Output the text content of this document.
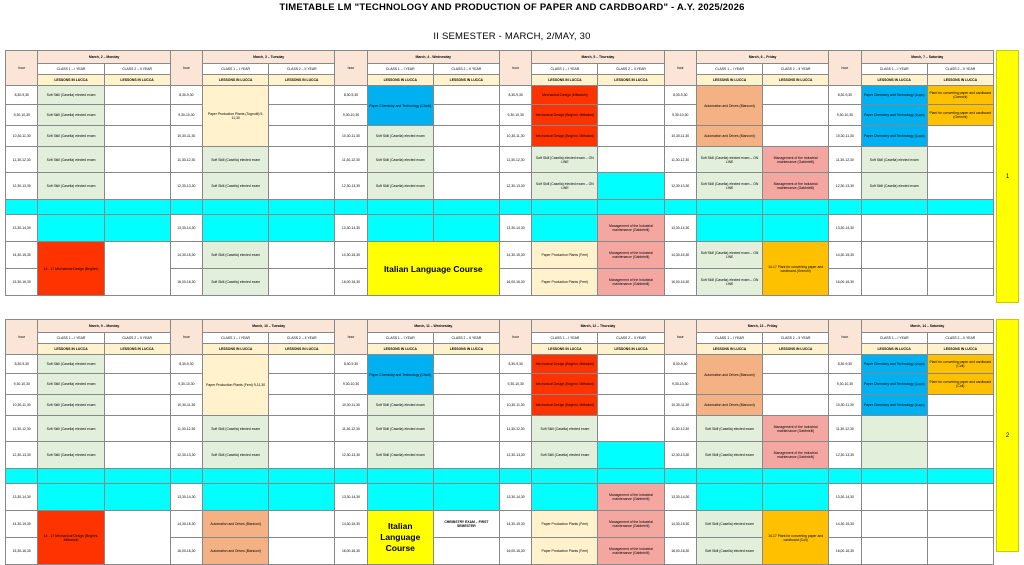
TIMETABLE LM "TECHNOLOGY AND PRODUCTION OF PAPER AND CARDBOARD" - A.Y. 2025/2026
II SEMESTER - MARCH, 2/MAY, 30
hour	March, 2 – Monday		hour	March, 3 – Tuesday		hour	March, 4 - Wednesday		hour	March, 5 – Thursday		hour	March, 6 – Friday		hour	March, 7 – Saturday	
	CLASS 1 – I YEAR	CLASS 2 – II YEAR		CLASS 1 – I YEAR	CLASS 2 – II YEAR		CLASS 1 – I YEAR	CLASS 2 – II YEAR		CLASS 1 – I YEAR	CLASS 2 – II YEAR		CLASS 1 – I YEAR	CLASS 2 – II YEAR		CLASS 1 – I YEAR	CLASS 2 – II YEAR
	LESSONS IN LUCCA	LESSONS IN LUCCA		LESSONS IN LUCCA	LESSONS IN LUCCA		LESSONS IN LUCCA	LESSONS IN LUCCA		LESSONS IN LUCCA	LESSONS IN LUCCA		LESSONS IN LUCCA	LESSONS IN LUCCA		LESSONS IN LUCCA	LESSONS IN LUCCA
8,30-9,30	Soft Skill (Casella) elected exam		8,30-9,30	Paper Production Plants (Tognotti) 9-11,30		8,30-9,30	Paper Chemistry and Technology (Chiofi)		8,30-9,30	Mechanical Design (Mitbaloni)		8,30-9,30	Automation and Drives (Bianconi)		8,30-9,30	Paper Chemistry and Technology (Lupo)	Plant for converting paper and cardboard (Grenchi)
9,30-10,30	Soft Skill (Casella) elected exam		9,30-10,30			9,30-10,30			9,30-10,30	Mechanical Design (Beghini, Mitbaloni)		9,30-10,30			9,30-10,30	Paper Chemistry and Technology (Lupo)	Plant for converting paper and cardboard (Grenchi)
10,30-11,30	Soft Skill (Casella) elected exam		10,30-11,30			10,30-11,30	Soft Skill (Casella) elected exam		10,30-11,30	Mechanical Design (Beghini, Mitbaloni)		10,30-11,30	Automation and Drives (Bianconi)		10,30-11,30	Paper Chemistry and Technology (Lupo)	
11,30-12,30	Soft Skill (Casella) elected exam		11,30-12,30	Soft Skill (Casella) elected exam		11,30-12,30	Soft Skill (Casella) elected exam		11,30-12,30	Soft Skill (Casella) elected exam – ON LINE		11,30-12,30	Soft Skill (Casella) elected exam – ON LINE	Management of the Industrial maintenance (Gabbrielli)	11,30-12,30	Soft Skill (Casella) elected exam	
12,30-13,30	Soft Skill (Casella) elected exam		12,30-13,30	Soft Skill (Casella) elected exam		12,30-13,30	Soft Skill (Casella) elected exam		12,30-13,30	Soft Skill (Casella) elected exam – ON LINE		12,30-13,30	Soft Skill (Casella) elected exam – ON LINE	Management of the Industrial maintenance (Gabbrielli)	12,30-13,30	Soft Skill (Casella) elected exam	

13,30-14,30			13,30-14,30			13,30-14,30			13,30-14,30		Management of the Industrial maintenance (Gabbrielli)	13,30-14,30			13,30-14,30		
14,30-15,30	14 - 17 Mechanical Design (Beghini)		14,30-15,30	Soft Skill (Casella) elected exam		14,30-15,30	Italian Language Course		14,30-15,30	Paper Production Plants (Ferri)	Management of the Industrial maintenance (Gabbrielli)	14,30-15,30	Soft Skill (Casella) elected exam – ON LINE	14-17 Plant for converting paper and cardboard (Grenchi)	14,30-15,30		
15,30-16,30			16,00-16,30	Soft Skill (Casella) elected exam		16,00-16,30			16,00-16,30	Paper Production Plants (Ferri)	Management of the Industrial maintenance (Gabbrielli)	16,00-16,30	Soft Skill (Casella) elected exam – ON LINE		16,00-16,30		
1
hour	March, 9 – Monday		hour	March, 10 – Tuesday		hour	March, 11 – Wednesday		hour	March, 12 – Thursday		hour	March, 13 – Friday		hour	March, 14 – Saturday	
	CLASS 1 – I YEAR	CLASS 2 – II YEAR		CLASS 1 – I YEAR	CLASS 2 – II YEAR		CLASS 1 – I YEAR	CLASS 2 – II YEAR		CLASS 1 – I YEAR	CLASS 2 – II YEAR		CLASS 1 – I YEAR	CLASS 2 – II YEAR		CLASS 1 – I YEAR	CLASS 2 – II YEAR
	LESSONS IN LUCCA	LESSONS IN LUCCA		LESSONS IN LUCCA	LESSONS IN LUCCA		LESSONS IN LUCCA	LESSONS IN LUCCA		LESSONS IN LUCCA	LESSONS IN LUCCA		LESSONS IN LUCCA	LESSONS IN LUCCA		LESSONS IN LUCCA	LESSONS IN LUCCA
8,30-9,30	Soft Skill (Casella) elected exam		8,30-9,30	Paper Production Plants (Ferri) 9-11,30		8,30-9,30	Paper Chemistry and Technology (Chiofi)		8,30-9,30	Mechanical Design (Beghini, Mitbaloni)		8,30-9,30	Automation and Drives (Bianconi)		8,30-9,30	Paper Chemistry and Technology (Lupo)	Plant for converting paper and cardboard (Coli)
9,30-10,30	Soft Skill (Casella) elected exam		9,30-10,30			9,30-10,30			9,30-10,30	Mechanical Design (Beghini, Mitbaloni)		9,30-10,30			9,30-10,30	Paper Chemistry and Technology (Lupo)	Plant for converting paper and cardboard (Coli)
10,30-11,30	Soft Skill (Casella) elected exam		10,30-11,30			10,30-11,30	Soft Skill (Casella) elected exam		10,30-11,30	Mechanical Design (Beghini, Mitbaloni)		10,30-11,30	Automation and Drives (Bianconi)		10,30-11,30	Paper Chemistry and Technology (Lupo)	
11,30-12,30	Soft Skill (Casella) elected exam		11,30-12,30	Soft Skill (Casella) elected exam		11,30-12,30	Soft Skill (Casella) elected exam		11,30-12,30	Soft Skill (Casella) elected exam		11,30-12,30	Soft Skill (Casella) elected exam	Management of the Industrial maintenance (Gabbrielli)	11,30-12,30		
12,30-13,30	Soft Skill (Casella) elected exam		12,30-13,30	Soft Skill (Casella) elected exam		12,30-13,30	Soft Skill (Casella) elected exam		12,30-13,30	Soft Skill (Casella) elected exam		12,30-13,30	Soft Skill (Casella) elected exam	Management of the Industrial maintenance (Gabbrielli)	12,30-13,30		

13,30-14,30			13,30-14,30			13,30-14,30			13,30-14,30		Management of the Industrial maintenance (Gabbrielli)	13,30-14,30			13,30-14,30		
14,30-15,30	14 - 17 Mechanical Design (Beghini, Mitbaloni)		14,30-15,30	Automation and Drives (Bianconi)		14,30-15,30	Italian Language Course	CHEMISTRY EXAM – FIRST SEMESTER	14,30-15,30	Paper Production Plants (Ferri)	Management of the Industrial maintenance (Gabbrielli)	14,30-15,30	Soft Skill (Casella) elected exam	14-17 Plant for converting paper and cardboard (Coli)	14,30-15,30		
15,30-16,30			16,00-16,30	Automation and Drives (Bianconi)		16,00-16,30			16,00-16,30	Paper Production Plants (Ferri)	Management of the Industrial maintenance (Gabbrielli)	16,00-16,30	Soft Skill (Casella) elected exam		16,00-16,30		
2
